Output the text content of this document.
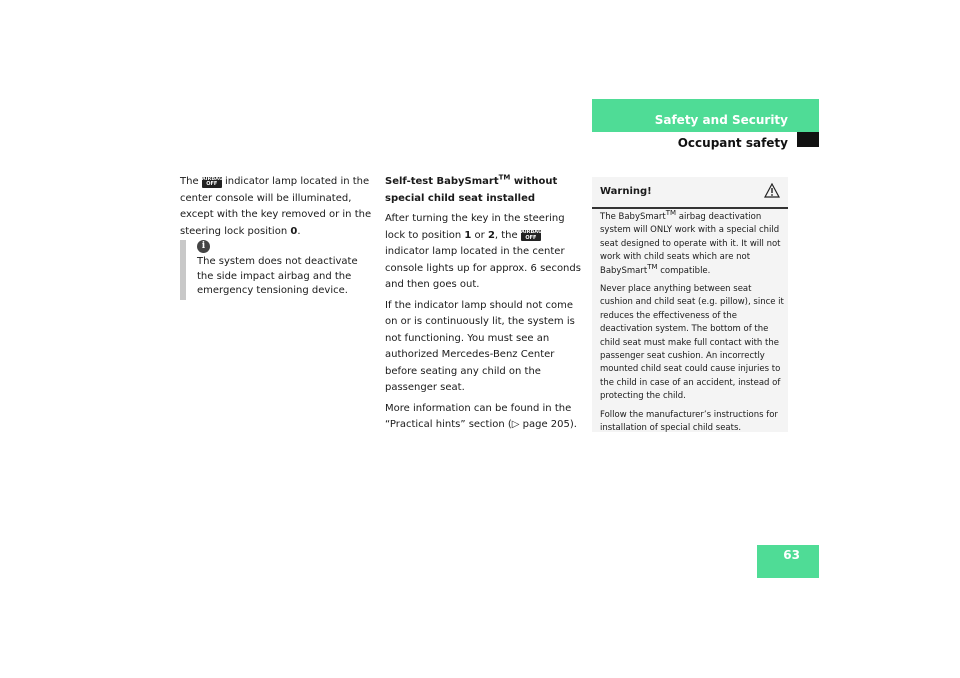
Safety and Security
Occupant safety

The AIRBAG
OFF indicator lamp located in the center console will be illuminated, except with the key removed or in the steering lock position 0.

i
The system does not deactivate the side impact airbag and the emergency tensioning device.

Self-test BabySmart™ without special child seat installed

After turning the key in the steering lock to position 1 or 2, the AIRBAG
OFF
indicator lamp located in the center console lights up for approx. 6 seconds and then goes out.

If the indicator lamp should not come on or is continuously lit, the system is not functioning. You must see an authorized Mercedes-Benz Center before seating any child on the passenger seat.

More information can be found in the “Practical hints” section (▷ page 205).

Warning!

The BabySmart™ airbag deactivation system will ONLY work with a special child seat designed to operate with it. It will not work with child seats which are not BabySmart™ compatible.

Never place anything between seat cushion and child seat (e.g. pillow), since it reduces the effectiveness of the deactivation system. The bottom of the child seat must make full contact with the passenger seat cushion. An incorrectly mounted child seat could cause injuries to the child in case of an accident, instead of protecting the child.

Follow the manufacturer’s instructions for installation of special child seats.

63
